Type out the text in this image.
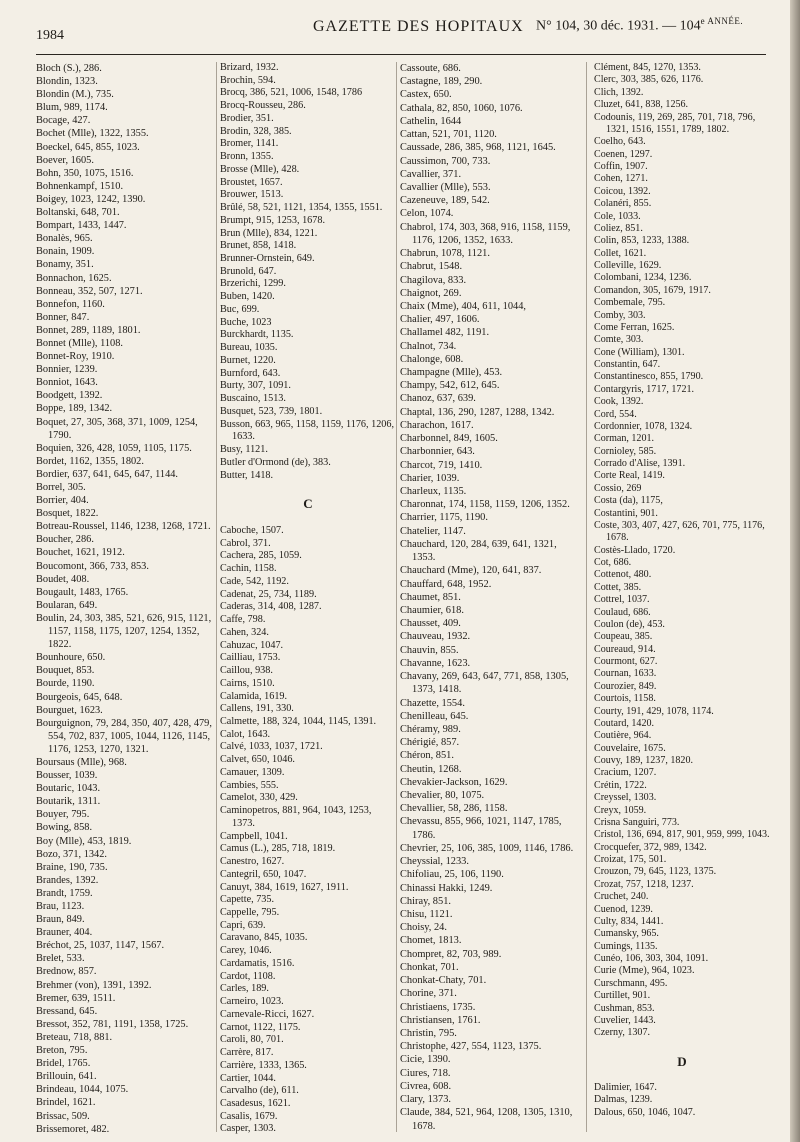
1984
GAZETTE DES HOPITAUX N° 104, 30 déc. 1931. — $104^{e ANNÉE.}$
Bloch (S.), 286.
Blondin, 1323.
Blondin (M.), 735.
Blum, 989, 1174.
Bocage, 427.
Bochet (Mlle), 1322, 1355.
Boeckel, 645, 855, 1023.
Boever, 1605.
Bohn, 350, 1075, 1516.
Bohnenkampf, 1510.
Boigey, 1023, 1242, 1390.
Boltanski, 648, 701.
Bompart, 1433, 1447.
Bonalès, 965.
Bonain, 1909.
Bonamy, 351.
Bonnachon, 1625.
Bonneau, 352, 507, 1271.
Bonnefon, 1160.
Bonner, 847.
Bonnet, 289, 1189, 1801.
Bonnet (Mlle), 1108.
Bonnet-Roy, 1910.
Bonnier, 1239.
Bonniot, 1643.
Boodgett, 1392.
Boppe, 189, 1342.
Boquet, 27, 305, 368, 371, 1009, 1254, 1790.
Boquien, 326, 428, 1059, 1105, 1175.
Bordet, 1162, 1355, 1802.
Bordier, 637, 641, 645, 647, 1144.
Borrel, 305.
Borrier, 404.
Bosquet, 1822.
Botreau-Roussel, 1146, 1238, 1268, 1721.
Boucher, 286.
Bouchet, 1621, 1912.
Boucomont, 366, 733, 853.
Boudet, 408.
Bougault, 1483, 1765.
Boularan, 649.
Boulin, 24, 303, 385, 521, 626, 915, 1121, 1157, 1158, 1175, 1207, 1254, 1352, 1822.
Bounhoure, 650.
Bouquet, 853.
Bourde, 1190.
Bourgeois, 645, 648.
Bourguet, 1623.
Bourguignon, 79, 284, 350, 407, 428, 479, 554, 702, 837, 1005, 1044, 1126, 1145, 1176, 1253, 1270, 1321.
Boursaus (Mlle), 968.
Bousser, 1039.
Boutaric, 1043.
Boutarik, 1311.
Bouyer, 795.
Bowing, 858.
Boy (Mlle), 453, 1819.
Bozo, 371, 1342.
Braine, 190, 735.
Brandes, 1392.
Brandt, 1759.
Brau, 1123.
Braun, 849.
Brauner, 404.
Bréchot, 25, 1037, 1147, 1567.
Brelet, 533.
Brednow, 857.
Brehmer (von), 1391, 1392.
Bremer, 639, 1511.
Bressand, 645.
Bressot, 352, 781, 1191, 1358, 1725.
Breteau, 718, 881.
Breton, 795.
Bridel, 1765.
Brillouin, 641.
Brindeau, 1044, 1075.
Brindel, 1621.
Brissac, 509.
Brissemoret, 482.
Brizard, 1932.
Brochin, 594.
Brocq, 386, 521, 1006, 1548, 1786
Brocq-Rousseu, 286.
Brodier, 351.
Brodin, 328, 385.
Bromer, 1141.
Bronn, 1355.
Brosse (Mlle), 428.
Broustet, 1657.
Brouwer, 1513.
Brûlé, 58, 521, 1121, 1354, 1355, 1551.
Brumpt, 915, 1253, 1678.
Brun (Mlle), 834, 1221.
Brunet, 858, 1418.
Brunner-Ornstein, 649.
Brunold, 647.
Brzerichi, 1299.
Buben, 1420.
Buc, 699.
Buche, 1023
Burckhardt, 1135.
Bureau, 1035.
Burnet, 1220.
Burnford, 643.
Burty, 307, 1091.
Buscaino, 1513.
Busquet, 523, 739, 1801.
Busson, 663, 965, 1158, 1159, 1176, 1206, 1633.
Busy, 1121.
Butler d'Ormond (de), 383.
Butter, 1418.
C
Caboche, 1507.
Cabrol, 371.
Cachera, 285, 1059.
Cachin, 1158.
Cade, 542, 1192.
Cadenat, 25, 734, 1189.
Caderas, 314, 408, 1287.
Caffe, 798.
Cahen, 324.
Cahuzac, 1047.
Cailliau, 1753.
Caillou, 938.
Cairns, 1510.
Calamida, 1619.
Callens, 191, 330.
Calmette, 188, 324, 1044, 1145, 1391.
Calot, 1643.
Calvé, 1033, 1037, 1721.
Calvet, 650, 1046.
Camauer, 1309.
Cambies, 555.
Camelot, 330, 429.
Caminopetros, 881, 964, 1043, 1253, 1373.
Campbell, 1041.
Camus (L.), 285, 718, 1819.
Canestro, 1627.
Cantegril, 650, 1047.
Canuyt, 384, 1619, 1627, 1911.
Capette, 735.
Cappelle, 795.
Capri, 639.
Caravano, 845, 1035.
Carey, 1046.
Cardamatis, 1516.
Cardot, 1108.
Carles, 189.
Carneiro, 1023.
Carnevale-Ricci, 1627.
Carnot, 1122, 1175.
Caroli, 80, 701.
Carrère, 817.
Carrière, 1333, 1365.
Cartier, 1044.
Carvalho (de), 611.
Casadesus, 1621.
Casalis, 1679.
Casper, 1303.
Cassoute, 686.
Castagne, 189, 290.
Castex, 650.
Cathala, 82, 850, 1060, 1076.
Cathelin, 1644
Cattan, 521, 701, 1120.
Caussade, 286, 385, 968, 1121, 1645.
Caussimon, 700, 733.
Cavallier, 371.
Cavallier (Mlle), 553.
Cazeneuve, 189, 542.
Celon, 1074.
Chabrol, 174, 303, 368, 916, 1158, 1159, 1176, 1206, 1352, 1633.
Chabrun, 1078, 1121.
Chabrut, 1548.
Chagilova, 833.
Chaignot, 269.
Chaix (Mme), 404, 611, 1044,
Chalier, 497, 1606.
Challamel 482, 1191.
Chalnot, 734.
Chalonge, 608.
Champagne (Mlle), 453.
Champy, 542, 612, 645.
Chanoz, 637, 639.
Chaptal, 136, 290, 1287, 1288, 1342.
Charachon, 1617.
Charbonnel, 849, 1605.
Charbonnier, 643.
Charcot, 719, 1410.
Charier, 1039.
Charleux, 1135.
Charonnat, 174, 1158, 1159, 1206, 1352.
Charrier, 1175, 1190.
Chatelier, 1147.
Chauchard, 120, 284, 639, 641, 1321, 1353.
Chauchard (Mme), 120, 641, 837.
Chauffard, 648, 1952.
Chaumet, 851.
Chaumier, 618.
Chausset, 409.
Chauveau, 1932.
Chauvin, 855.
Chavanne, 1623.
Chavany, 269, 643, 647, 771, 858, 1305, 1373, 1418.
Chazette, 1554.
Chenilleau, 645.
Chéramy, 989.
Chérigié, 857.
Chéron, 851.
Cheutin, 1268.
Chevakier-Jackson, 1629.
Chevalier, 80, 1075.
Chevallier, 58, 286, 1158.
Chevassu, 855, 966, 1021, 1147, 1785, 1786.
Chevrier, 25, 106, 385, 1009, 1146, 1786.
Cheyssial, 1233.
Chifoliau, 25, 106, 1190.
Chinassi Hakki, 1249.
Chiray, 851.
Chisu, 1121.
Choisy, 24.
Chomet, 1813.
Chompret, 82, 703, 989.
Chonkat, 701.
Chonkat-Chaty, 701.
Chorine, 371.
Christiaens, 1735.
Christiansen, 1761.
Christin, 795.
Christophe, 427, 554, 1123, 1375.
Cicie, 1390.
Ciures, 718.
Civrea, 608.
Clary, 1373.
Claude, 384, 521, 964, 1208, 1305, 1310, 1678.
Clément, 845, 1270, 1353.
Clerc, 303, 385, 626, 1176.
Clich, 1392.
Cluzet, 641, 838, 1256.
Codounis, 119, 269, 285, 701, 718, 796, 1321, 1516, 1551, 1789, 1802.
Coelho, 643.
Coenen, 1297.
Coffin, 1907.
Cohen, 1271.
Coicou, 1392.
Colanéri, 855.
Cole, 1033.
Coliez, 851.
Colin, 853, 1233, 1388.
Collet, 1621.
Colleville, 1629.
Colombani, 1234, 1236.
Comandon, 305, 1679, 1917.
Combemale, 795.
Comby, 303.
Come Ferran, 1625.
Comte, 303.
Cone (William), 1301.
Constantin, 647.
Constantinesco, 855, 1790.
Contargyris, 1717, 1721.
Cook, 1392.
Cord, 554.
Cordonnier, 1078, 1324.
Corman, 1201.
Cornioley, 585.
Corrado d'Alise, 1391.
Corte Real, 1419.
Cossio, 269
Costa (da), 1175,
Costantini, 901.
Coste, 303, 407, 427, 626, 701, 775, 1176, 1678.
Costès-Llado, 1720.
Cot, 686.
Cottenot, 480.
Cottet, 385.
Cottrel, 1037.
Coulaud, 686.
Coulon (de), 453.
Coupeau, 385.
Coureaud, 914.
Courmont, 627.
Cournan, 1633.
Courozier, 849.
Courtois, 1158.
Courty, 191, 429, 1078, 1174.
Coutard, 1420.
Coutière, 964.
Couvelaire, 1675.
Couvy, 189, 1237, 1820.
Cracium, 1207.
Crétin, 1722.
Creyssel, 1303.
Creyx, 1059.
Crisna Sanguiri, 773.
Cristol, 136, 694, 817, 901, 959, 999, 1043.
Crocquefer, 372, 989, 1342.
Croizat, 175, 501.
Crouzon, 79, 645, 1123, 1375.
Crozat, 757, 1218, 1237.
Cruchet, 240.
Cuenod, 1239.
Culty, 834, 1441.
Cumansky, 965.
Cumings, 1135.
Cunéo, 106, 303, 304, 1091.
Curie (Mme), 964, 1023.
Curschmann, 495.
Curtillet, 901.
Cushman, 853.
Cuvelier, 1443.
Czerny, 1307.
D
Dalimier, 1647.
Dalmas, 1239.
Dalous, 650, 1046, 1047.
